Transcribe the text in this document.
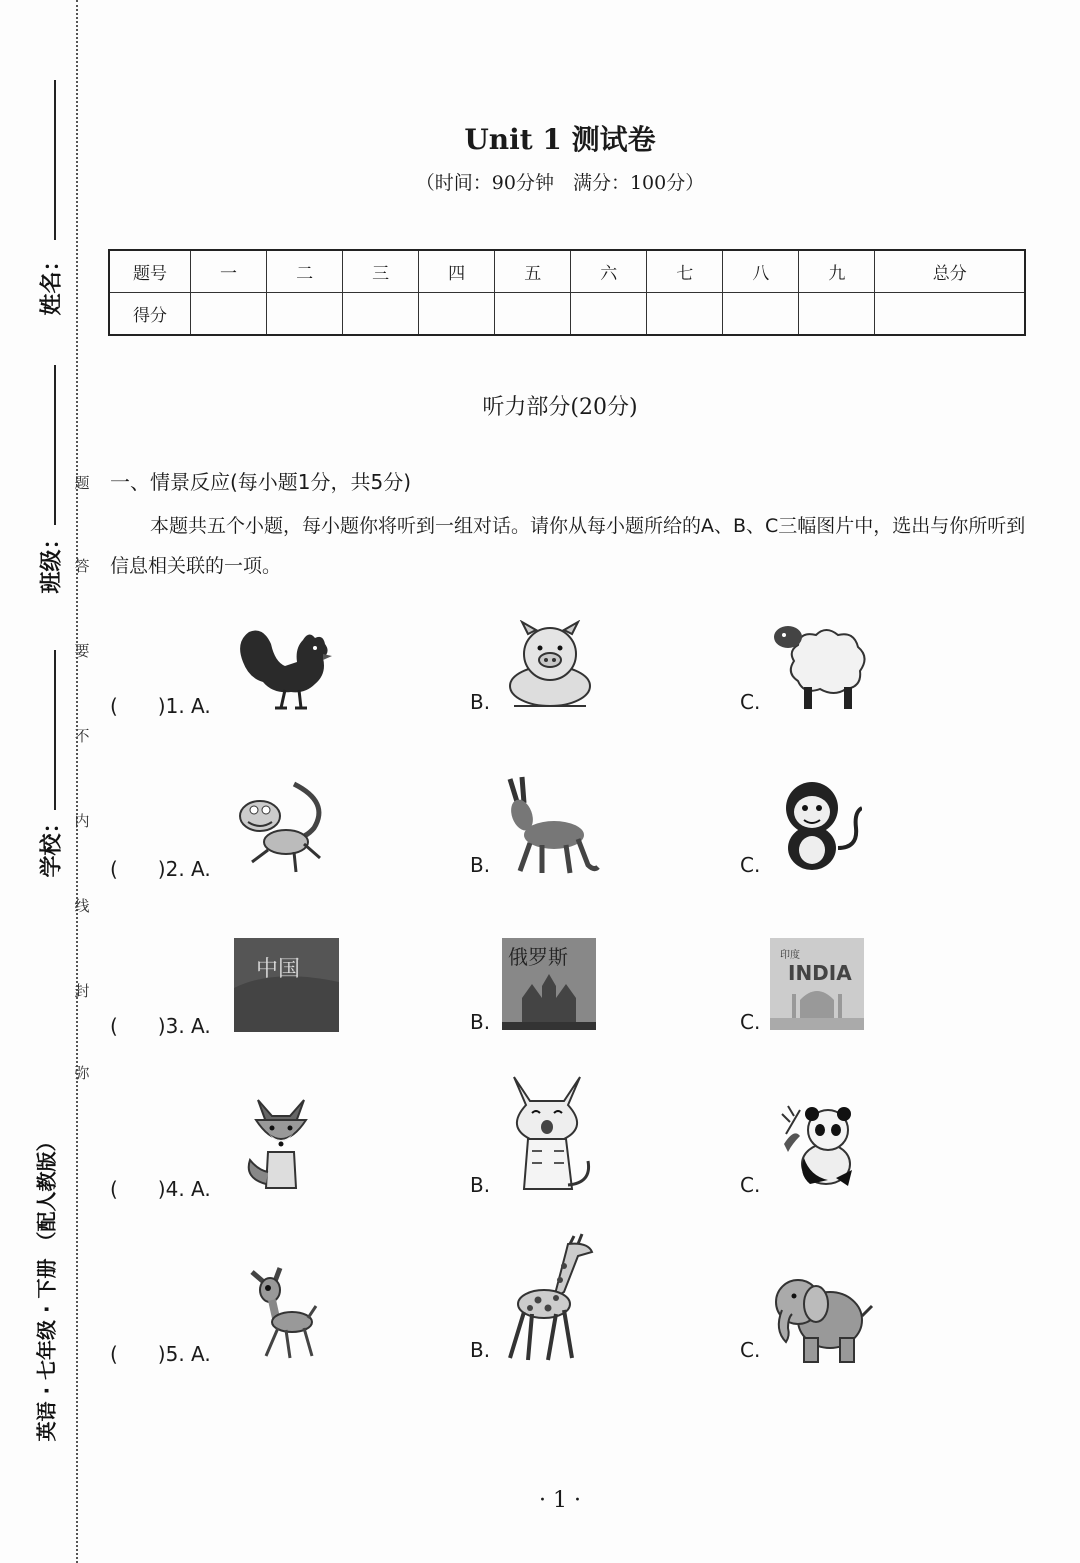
姓名：
班级：
学校：
英语 · 七年级 · 下册 （配人教版）
题
答
要
不
内
线
封
弥
Unit 1 测试卷
（时间：90分钟　满分：100分）
题号	一	二	三	四	五	六	七	八	九	总分
得分										
听力部分(20分)
一、情景反应(每小题1分，共5分)
本题共五个小题，每小题你将听到一组对话。请你从每小题所给的A、B、C三幅图片中，选出与你所听到信息相关联的一项。
(　　)1. A.	B.	C.
(　　)2. A.	B.	C.
(　　)3. A.
中国
B.
俄罗斯
C.
印度
INDIA
(　　)4. A.	B.	C.
(　　)5. A.	B.	C.
· 1 ·
